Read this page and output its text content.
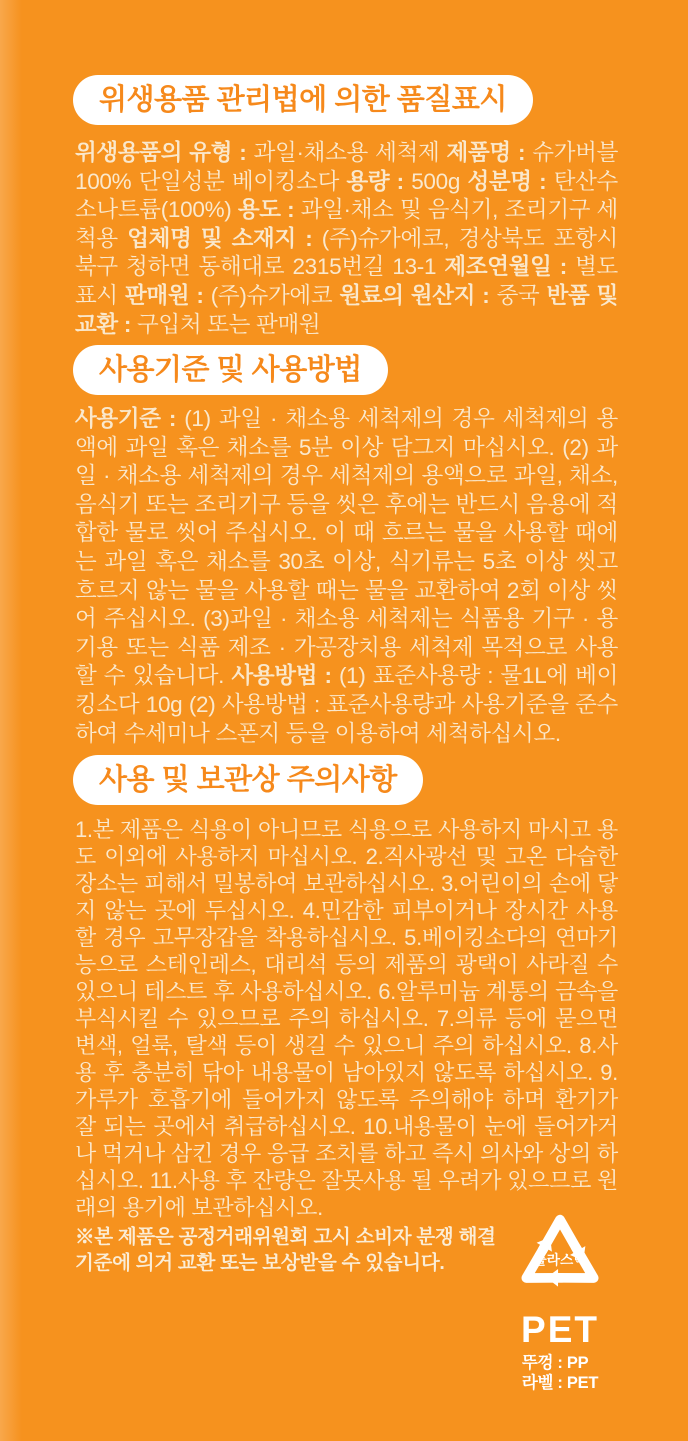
위생용품 관리법에 의한 품질표시
위생용품의 유형 : 과일·채소용 세척제 제품명 : 슈가버블 100% 단일성분 베이킹소다 용량 : 500g 성분명 : 탄산수소나트륨(100%) 용도 : 과일·채소 및 음식기, 조리기구 세척용 업체명 및 소재지 : (주)슈가에코, 경상북도 포항시 북구 청하면 동해대로 2315번길 13-1 제조연월일 : 별도 표시 판매원 : (주)슈가에코 원료의 원산지 : 중국 반품 및 교환 : 구입처 또는 판매원
사용기준 및 사용방법
사용기준 : (1) 과일 · 채소용 세척제의 경우 세척제의 용액에 과일 혹은 채소를 5분 이상 담그지 마십시오. (2) 과일 · 채소용 세척제의 경우 세척제의 용액으로 과일, 채소, 음식기 또는 조리기구 등을 씻은 후에는 반드시 음용에 적합한 물로 씻어 주십시오. 이 때 흐르는 물을 사용할 때에는 과일 혹은 채소를 30초 이상, 식기류는 5초 이상 씻고 흐르지 않는 물을 사용할 때는 물을 교환하여 2회 이상 씻어 주십시오. (3)과일 · 채소용 세척제는 식품용 기구 · 용기용 또는 식품 제조 · 가공장치용 세척제 목적으로 사용 할 수 있습니다. 사용방법 : (1) 표준사용량 : 물1L에 베이킹소다 10g (2) 사용방법 : 표준사용량과 사용기준을 준수하여 수세미나 스폰지 등을 이용하여 세척하십시오.
사용 및 보관상 주의사항
1.본 제품은 식용이 아니므로 식용으로 사용하지 마시고 용도 이외에 사용하지 마십시오. 2.직사광선 및 고온 다습한 장소는 피해서 밀봉하여 보관하십시오. 3.어린이의 손에 닿지 않는 곳에 두십시오. 4.민감한 피부이거나 장시간 사용할 경우 고무장갑을 착용하십시오. 5.베이킹소다의 연마기능으로 스테인레스, 대리석 등의 제품의 광택이 사라질 수 있으니 테스트 후 사용하십시오. 6.알루미늄 계통의 금속을 부식시킬 수 있으므로 주의 하십시오. 7.의류 등에 묻으면 변색, 얼룩, 탈색 등이 생길 수 있으니 주의 하십시오. 8.사용 후 충분히 닦아 내용물이 남아있지 않도록 하십시오. 9.가루가 호흡기에 들어가지 않도록 주의해야 하며 환기가 잘 되는 곳에서 취급하십시오. 10.내용물이 눈에 들어가거나 먹거나 삼킨 경우 응급 조치를 하고 즉시 의사와 상의 하십시오. 11.사용 후 잔량은 잘못사용 될 우려가 있으므로 원래의 용기에 보관하십시오.
※본 제품은 공정거래위원회 고시 소비자 분쟁 해결
기준에 의거 교환 또는 보상받을 수 있습니다.	플라스틱
PET
뚜껑 : PP
라벨 : PET
